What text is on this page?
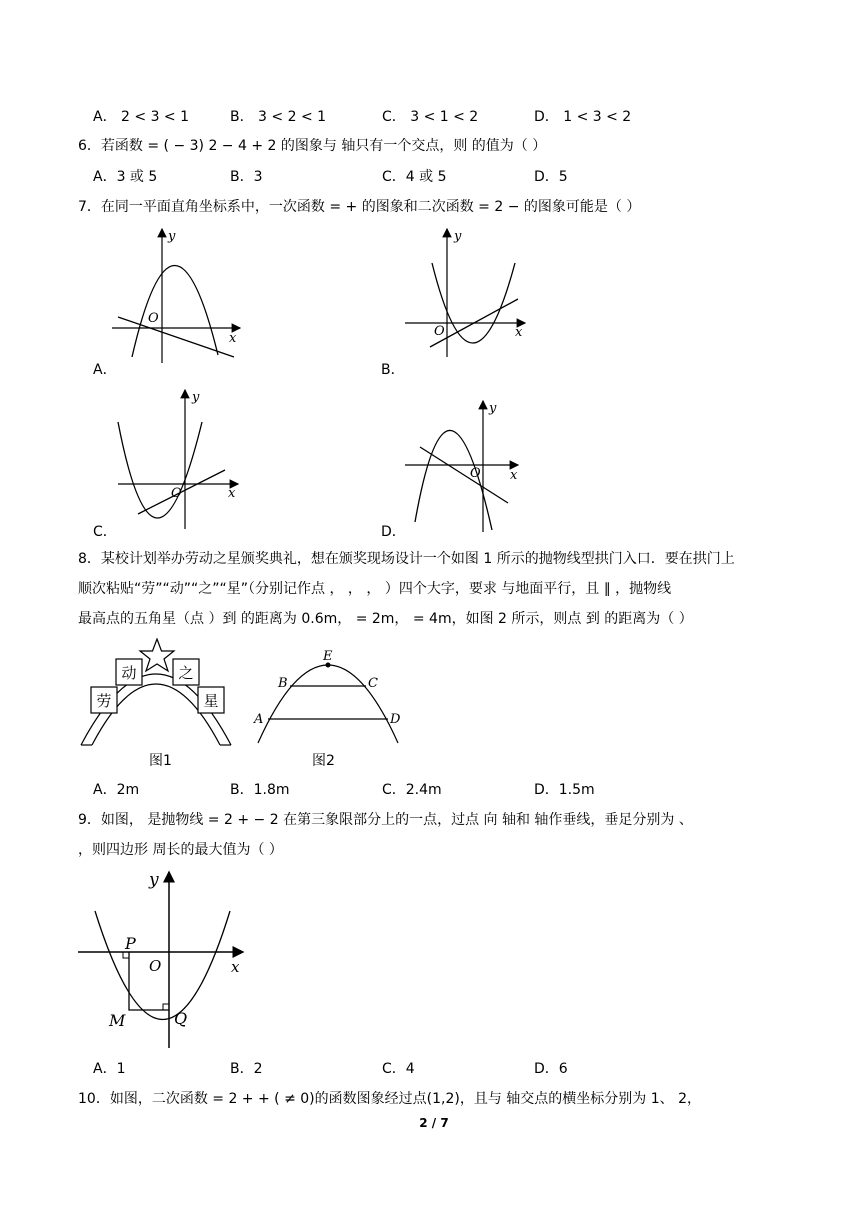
A． 2 < 3 < 1	B． 3 < 2 < 1	C． 3 < 1 < 2	D． 1 < 3 < 2
6．若函数 = ( − 3) 2 − 4 + 2 的图象与 轴只有一个交点，则 的值为（ ）
A．3 或 5	B．3	C．4 或 5	D．5
7．在同一平面直角坐标系中，一次函数 = + 的图象和二次函数 = 2 − 的图象可能是（ ）
y
x
O
A．
y
x
O
B．
y
x
O
C．
y
x
O
D．
8．某校计划举办劳动之星颁奖典礼，想在颁奖现场设计一个如图 1 所示的抛物线型拱门入口．要在拱门上
顺次粘贴“劳”“动”“之”“星”（分别记作点 ， ， ， ）四个大字，要求 与地面平行，且 ∥ ，抛物线
最高点的五角星（点 ）到 的距离为 0.6m， = 2m， = 4m，如图 2 所示，则点 到 的距离为（ ）
劳
动	之
星
图1
A
B	C
D
E
图2
A．2m	B．1.8m	C．2.4m	D．1.5m
9．如图， 是抛物线 = 2 + − 2 在第三象限部分上的一点，过点 向 轴和 轴作垂线，垂足分别为 、
，则四边形 周长的最大值为（ ）
y
x
O
P
M	Q
A．1	B．2	C．4	D．6
10．如图，二次函数 = 2 + + ( ≠ 0)的函数图象经过点(1,2)，且与 轴交点的横坐标分别为 1、 2，
2 / 7
